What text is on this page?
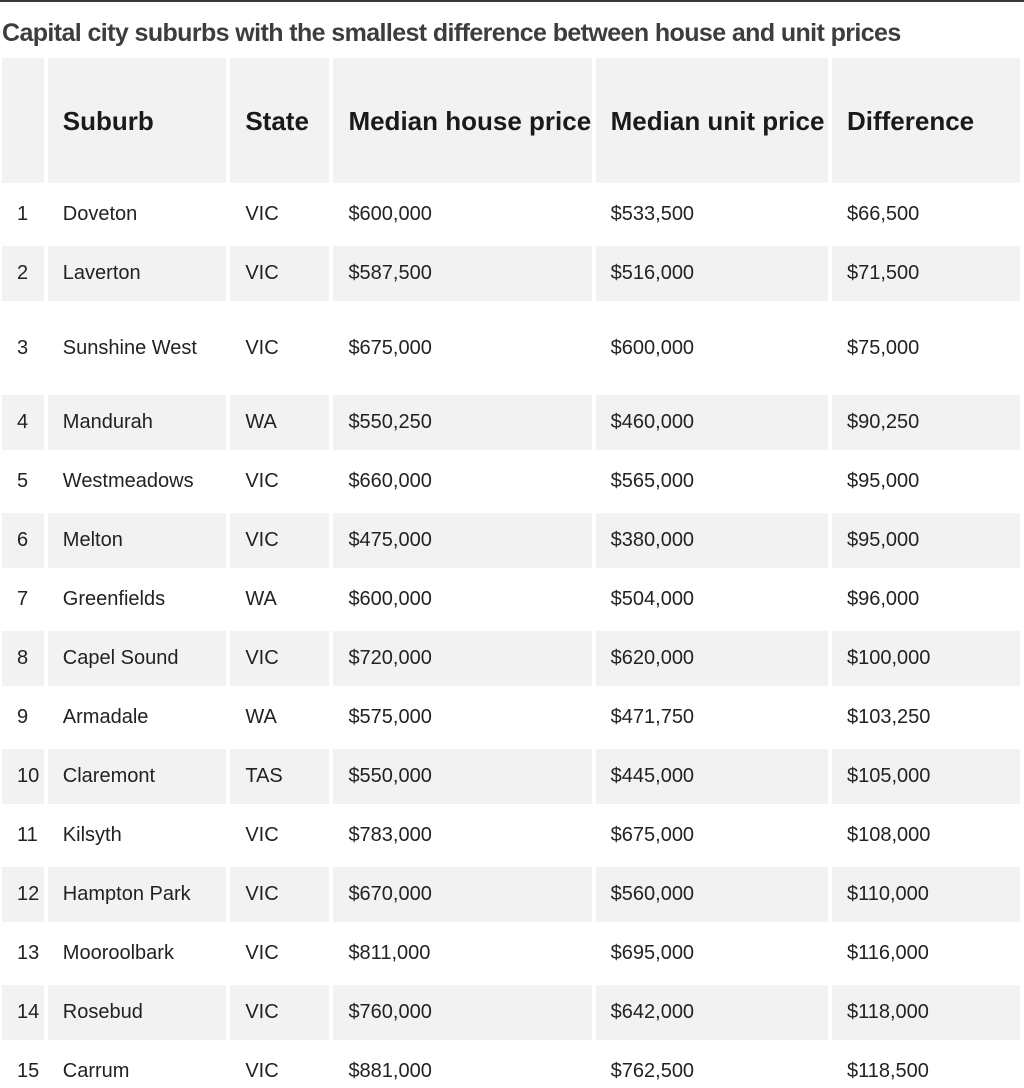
Capital city suburbs with the smallest difference between house and unit prices
	Suburb	State	Median house price	Median unit price	Difference
1	Doveton	VIC	$600,000	$533,500	$66,500
2	Laverton	VIC	$587,500	$516,000	$71,500
3	Sunshine West	VIC	$675,000	$600,000	$75,000
4	Mandurah	WA	$550,250	$460,000	$90,250
5	Westmeadows	VIC	$660,000	$565,000	$95,000
6	Melton	VIC	$475,000	$380,000	$95,000
7	Greenfields	WA	$600,000	$504,000	$96,000
8	Capel Sound	VIC	$720,000	$620,000	$100,000
9	Armadale	WA	$575,000	$471,750	$103,250
10	Claremont	TAS	$550,000	$445,000	$105,000
11	Kilsyth	VIC	$783,000	$675,000	$108,000
12	Hampton Park	VIC	$670,000	$560,000	$110,000
13	Mooroolbark	VIC	$811,000	$695,000	$116,000
14	Rosebud	VIC	$760,000	$642,000	$118,000
15	Carrum	VIC	$881,000	$762,500	$118,500
